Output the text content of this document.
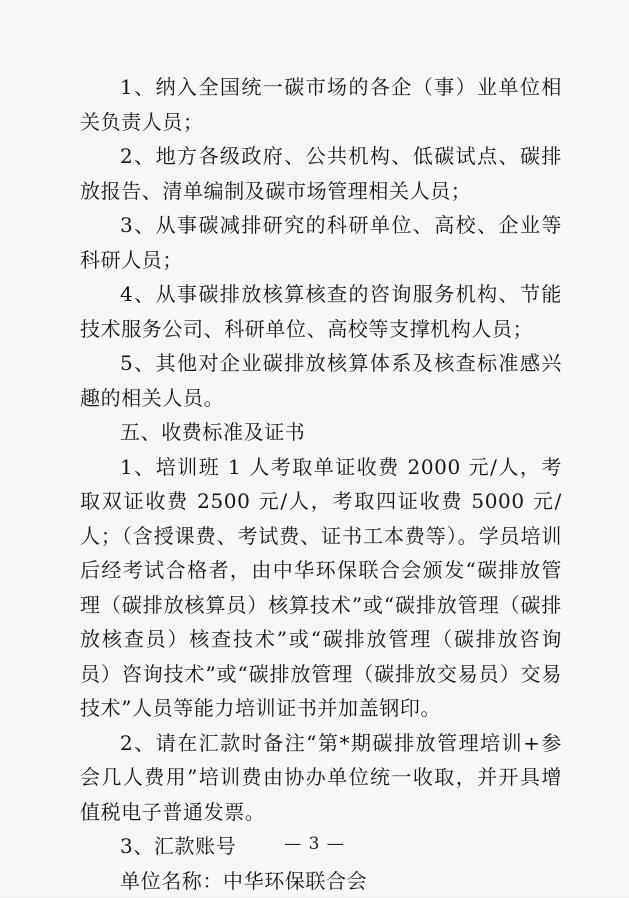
1、纳入全国统一碳市场的各企（事）业单位相关负责人员；

2、地方各级政府、公共机构、低碳试点、碳排放报告、清单编制及碳市场管理相关人员；

3、从事碳减排研究的科研单位、高校、企业等科研人员；

4、从事碳排放核算核查的咨询服务机构、节能技术服务公司、科研单位、高校等支撑机构人员；

5、其他对企业碳排放核算体系及核查标准感兴趣的相关人员。

五、收费标准及证书

1、培训班 1 人考取单证收费 2000 元/人，考取双证收费 2500 元/人，考取四证收费 5000 元/人；（含授课费、考试费、证书工本费等）。学员培训后经考试合格者，由中华环保联合会颁发“碳排放管理（碳排放核算员）核算技术”或“碳排放管理（碳排放核查员）核查技术”或“碳排放管理（碳排放咨询员）咨询技术”或“碳排放管理（碳排放交易员）交易技术”人员等能力培训证书并加盖钢印。

2、请在汇款时备注“第*期碳排放管理培训+参会几人费用”培训费由协办单位统一收取，并开具增值税电子普通发票。

3、汇款账号

单位名称：中华环保联合会

— 3 —
